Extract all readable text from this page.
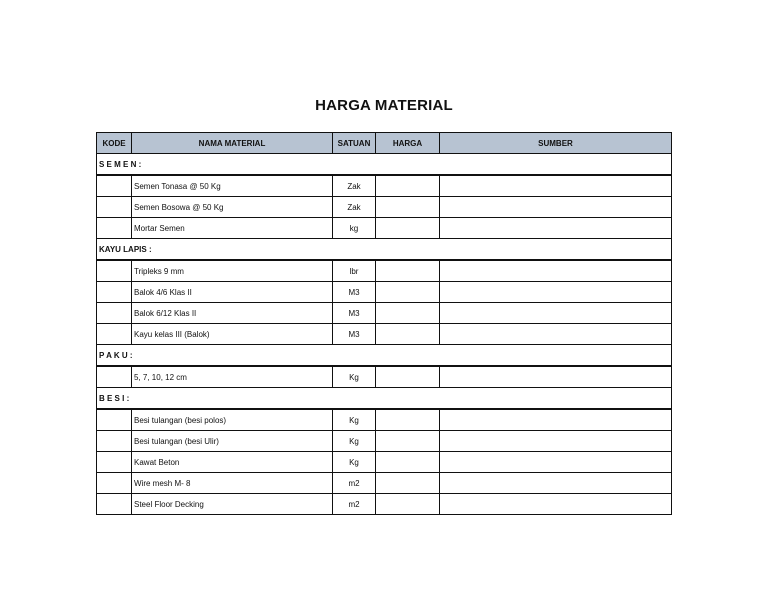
HARGA MATERIAL
KODE	NAMA MATERIAL	SATUAN	HARGA	SUMBER
S E M E N :				
	Semen Tonasa @ 50 Kg	Zak		
	Semen Bosowa @ 50 Kg	Zak		
	Mortar Semen	kg		
KAYU LAPIS :				
	Tripleks 9 mm	lbr		
	Balok 4/6 Klas II	M3		
	Balok 6/12 Klas II	M3		
	Kayu kelas III (Balok)	M3		
P A K U :				
	5, 7, 10, 12 cm	Kg		
B E S I :				
	Besi tulangan (besi polos)	Kg		
	Besi tulangan (besi Ulir)	Kg		
	Kawat Beton	Kg		
	Wire mesh M- 8	m2		
	Steel Floor Decking	m2		
